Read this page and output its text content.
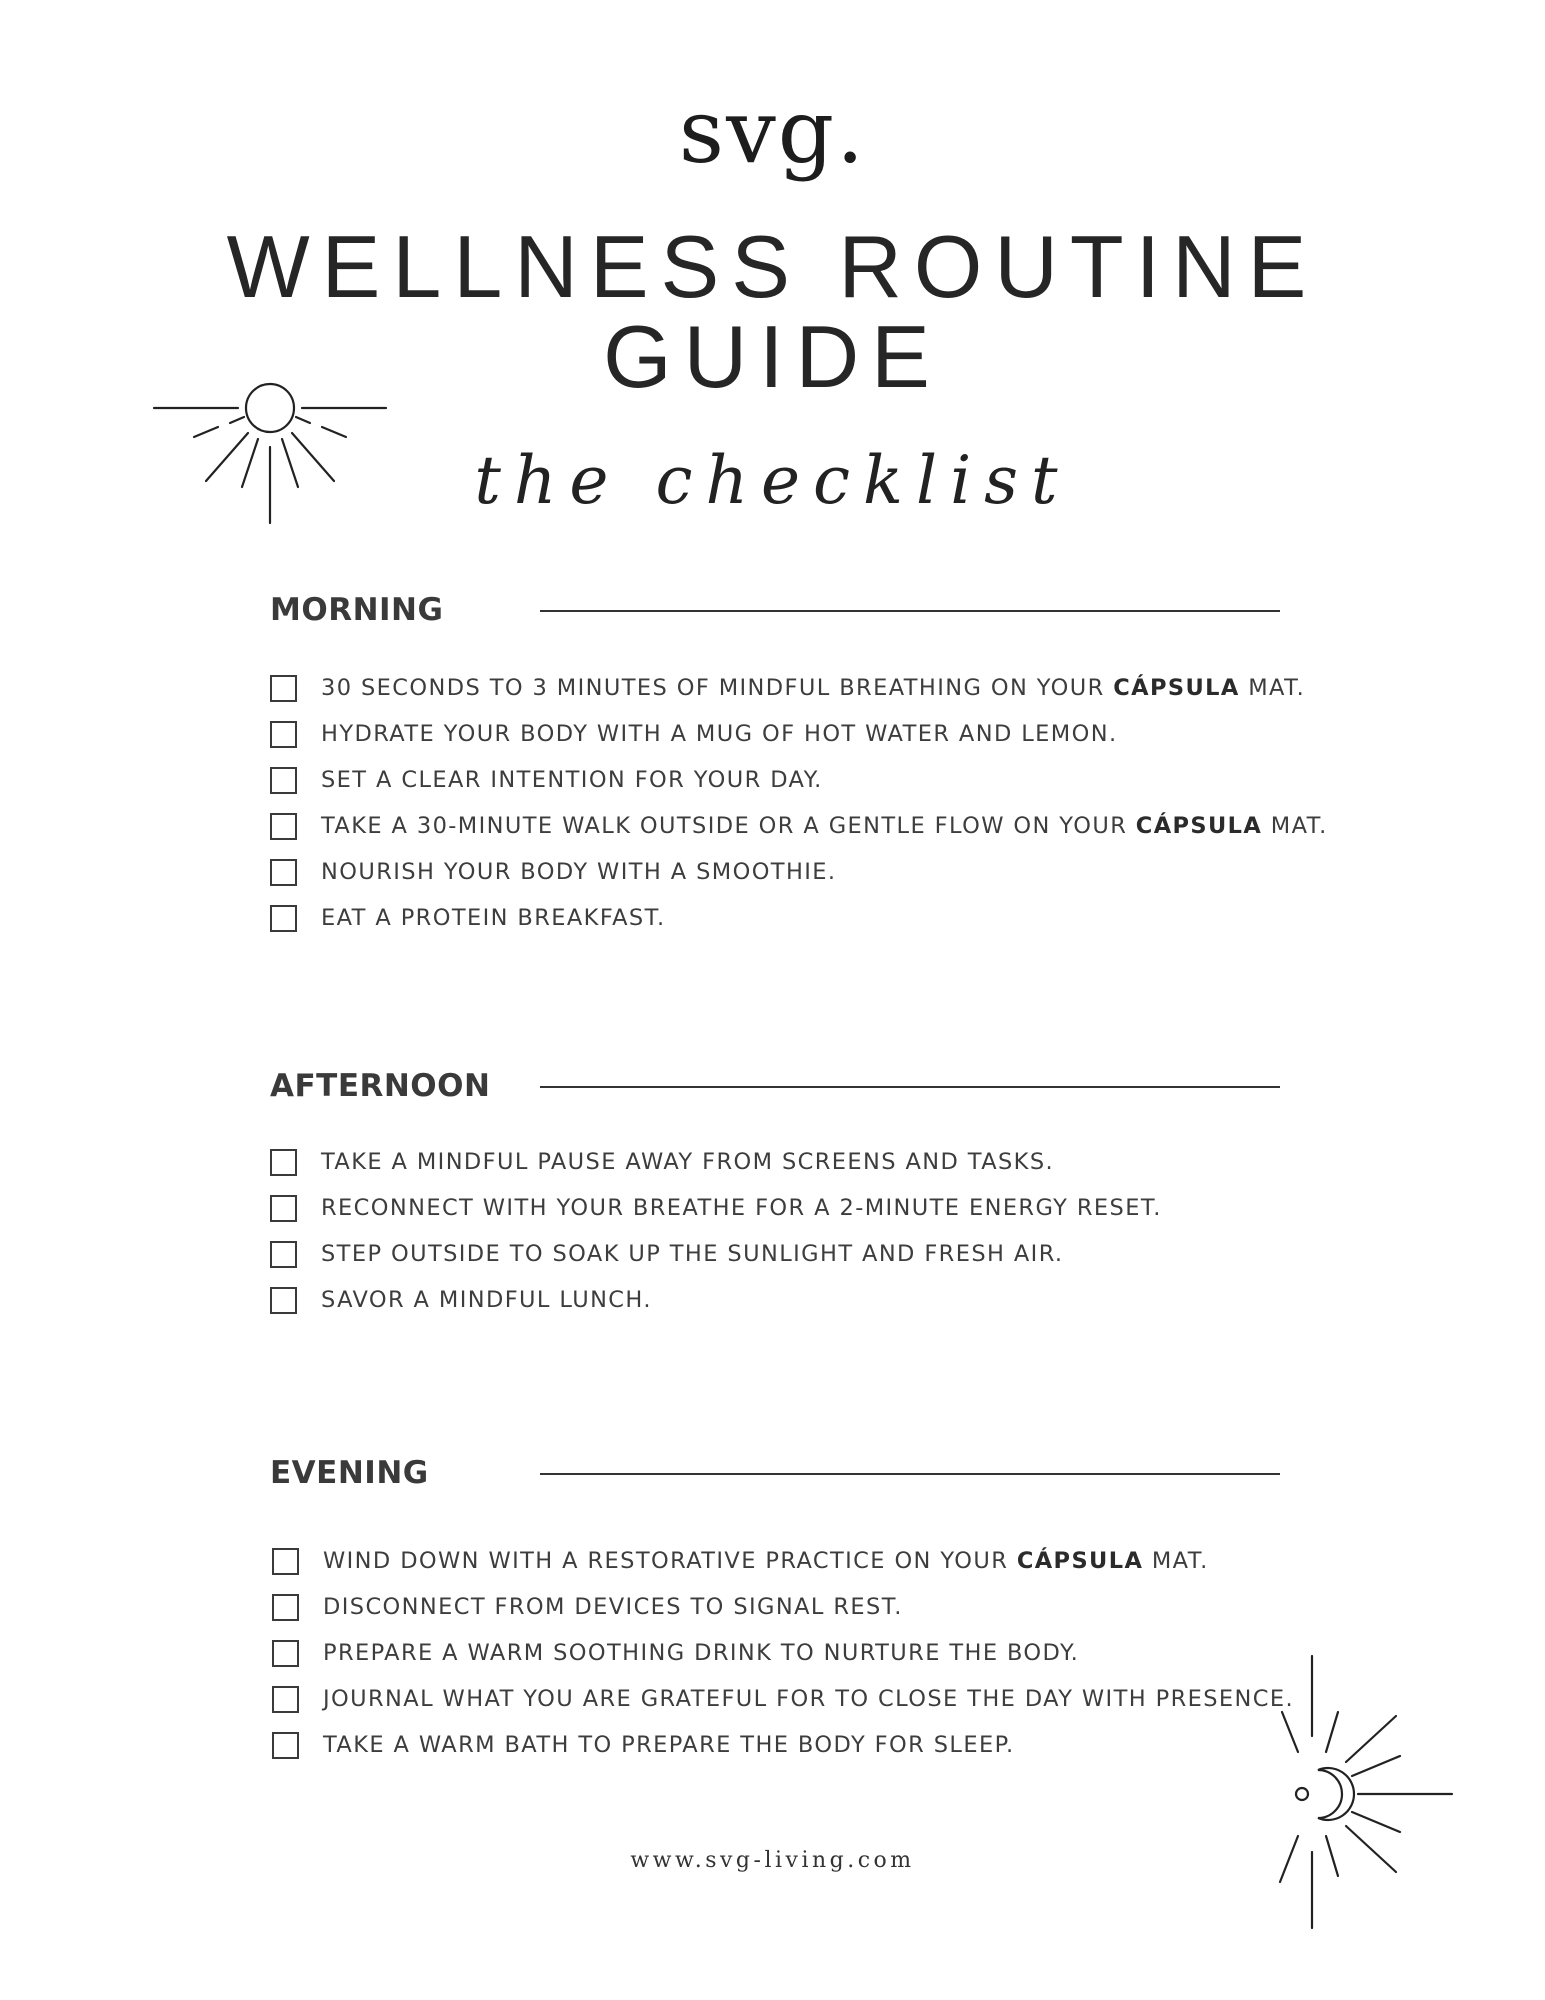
svg.
WELLNESS ROUTINE
GUIDE
the checklist
MORNING
30 SECONDS TO 3 MINUTES OF MINDFUL BREATHING ON YOUR CÁPSULA MAT.
HYDRATE YOUR BODY WITH A MUG OF HOT WATER AND LEMON.
SET A CLEAR INTENTION FOR YOUR DAY.
TAKE A 30-MINUTE WALK OUTSIDE OR A GENTLE FLOW ON YOUR CÁPSULA MAT.
NOURISH YOUR BODY WITH A SMOOTHIE.
EAT A PROTEIN BREAKFAST.
AFTERNOON
TAKE A MINDFUL PAUSE AWAY FROM SCREENS AND TASKS.
RECONNECT WITH YOUR BREATHE FOR A 2-MINUTE ENERGY RESET.
STEP OUTSIDE TO SOAK UP THE SUNLIGHT AND FRESH AIR.
SAVOR A MINDFUL LUNCH.
EVENING
WIND DOWN WITH A RESTORATIVE PRACTICE ON YOUR CÁPSULA MAT.
DISCONNECT FROM DEVICES TO SIGNAL REST.
PREPARE A WARM SOOTHING DRINK TO NURTURE THE BODY.
JOURNAL WHAT YOU ARE GRATEFUL FOR TO CLOSE THE DAY WITH PRESENCE.
TAKE A WARM BATH TO PREPARE THE BODY FOR SLEEP.
www.svg-living.com
